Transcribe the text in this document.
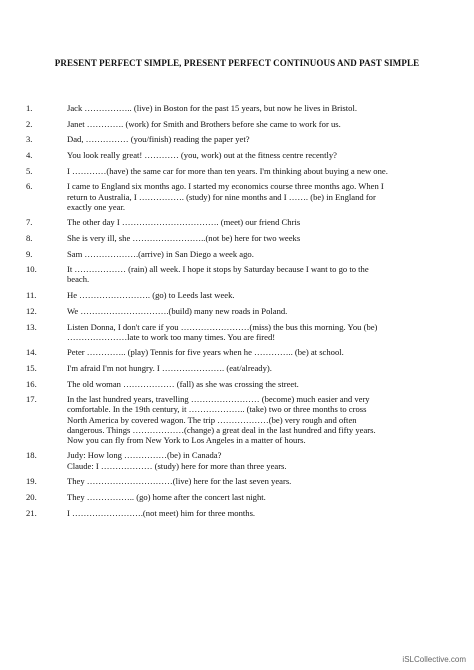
PRESENT PERFECT SIMPLE, PRESENT PERFECT CONTINUOUS AND PAST SIMPLE
1.	Jack …………….. (live) in Boston for the past 15 years, but now he lives in Bristol.
2.	Janet …………. (work) for Smith and Brothers before she came to work for us.
3.	Dad, …………… (you/finish) reading the paper yet?
4.	You look really great! ………… (you, work) out at the fitness centre recently?
5.	I …………(have) the same car for more than ten years. I'm thinking about buying a new one.
6.	I came to England six months ago. I started my economics course three months ago. When I
return to Australia, I ……………. (study) for nine months and I ……. (be) in England for
exactly one year.
7.	The other day I ……………………………. (meet) our friend Chris
8.	She is very ill, she ……………………..(not be) here for two weeks
9.	Sam ……………….(arrive) in San Diego a week ago.
10.	It ……………… (rain) all week. I hope it stops by Saturday because I want to go to the
beach.
11.	He ……………………. (go) to Leeds last week.
12.	We ………………………….(build) many new roads in Poland.
13.	Listen Donna, I don't care if you ……………………(miss) the bus this morning. You (be)
…………………late to work too many times. You are fired!
14.	Peter ………….. (play) Tennis for five years when he ………….. (be) at school.
15.	I'm afraid I'm not hungry. I …………………. (eat/already).
16.	The old woman ……………… (fall) as she was crossing the street.
17.	In the last hundred years, travelling …………………… (become) much easier and very
comfortable. In the 19th century, it ……………….. (take) two or three months to cross
North America by covered wagon. The trip ………………(be) very rough and often
dangerous. Things ………………(change) a great deal in the last hundred and fifty years.
Now you can fly from New York to Los Angeles in a matter of hours.
18.	Judy: How long ……………(be) in Canada?
Claude: I ……………… (study) here for more than three years.
19.	They …………………………(live) here for the last seven years.
20.	They …………….. (go) home after the concert last night.
21.	I …………………….(not meet) him for three months.
iSLCollective.com
